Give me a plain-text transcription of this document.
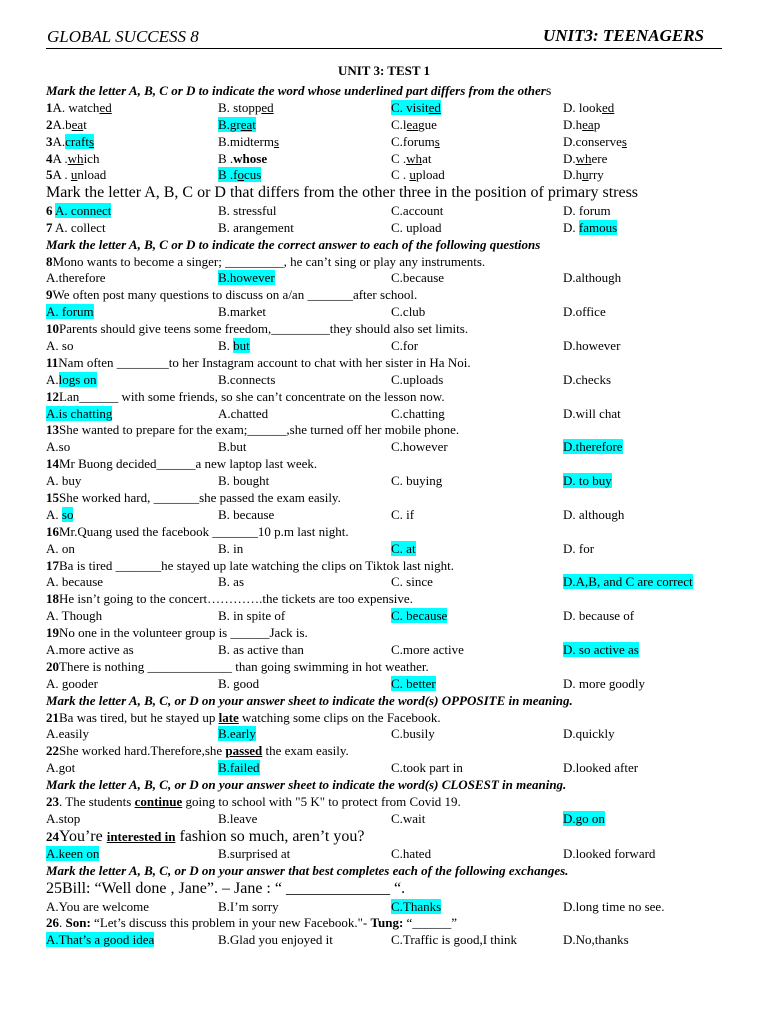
GLOBAL SUCCESS 8	UNIT3: TEENAGERS
UNIT 3: TEST 1
Mark the letter A, B, C or D to indicate the word whose underlined part differs from the others
1A. watched	B. stopped	C. visited	D. looked
2A.beat	B.great	C.league	D.heap
3A.crafts	B.midterms	C.forums	D.conserves
4A .which	B .whose	C .what	D.where
5A . unload	B .focus	C . upload	D.hurry
Mark the letter A, B, C or D that differs from the other three in the position of primary stress
6 A. connect	B. stressful	C.account	D. forum
7 A. collect	B. arangement	C. upload	D. famous
Mark the letter A, B, C or D to indicate the correct answer to each of the following questions
8Mono wants to become a singer; _________, he can’t sing or play any instruments.
A.therefore	B.however	C.because	D.although
9We often post many questions to discuss on a/an _______after school.
A. forum	B.market	C.club	D.office
10Parents should give teens some freedom,_________they should also set limits.
A. so	B. but	C.for	D.however
11Nam often ________to her Instagram account to chat with her sister in Ha Noi.
A.logs on	B.connects	C.uploads	D.checks
12Lan______ with some friends, so she can’t concentrate on the lesson now.
A.is chatting	A.chatted	C.chatting	D.will chat
13She wanted to prepare for the exam;______,she turned off her mobile phone.
A.so	B.but	C.however	D.therefore
14Mr Buong decided______a new laptop last week.
A. buy	B. bought	C. buying	D. to buy
15She worked hard, _______she passed the exam easily.
A. so	B. because	C. if	D. although
16Mr.Quang used the facebook _______10 p.m last night.
A. on	B. in	C. at	D. for
17Ba is tired _______he stayed up late watching the clips on Tiktok last night.
A. because	B. as	C. since	D.A,B, and C are correct
18He isn’t going to the concert………….the tickets are too expensive.
A. Though	B. in spite of	C. because	D. because of
19No one in the volunteer group is ______Jack is.
A.more active as	B. as active than	C.more active	D. so active as
20There is nothing _____________ than going swimming in hot weather.
A. gooder	B. good	C. better	D. more goodly
Mark the letter A, B, C, or D on your answer sheet to indicate the word(s) OPPOSITE in meaning.
21Ba was tired, but he stayed up late watching some clips on the Facebook.
A.easily	B.early	C.busily	D.quickly
22She worked hard.Therefore,she passed the exam easily.
A.got	B.failed	C.took part in	D.looked after
Mark the letter A, B, C, or D on your answer sheet to indicate the word(s) CLOSEST in meaning.
23. The students continue going to school with "5 K" to protect from Covid 19.
A.stop	B.leave	C.wait	D.go on
24You’re interested in fashion so much, aren’t you?
A.keen on	B.surprised at	C.hated	D.looked forward
Mark the letter A, B, C, or D on your answer that best completes each of the following exchanges.
25Bill: “Well done , Jane”. – Jane : “ _____________ “.
A.You are welcome	B.I’m sorry	C.Thanks	D.long time no see.
26. Son: “Let’s discuss this problem in your new Facebook."- Tung: “______”
A.That’s a good idea	B.Glad you enjoyed it	C.Traffic is good,I think	D.No,thanks
